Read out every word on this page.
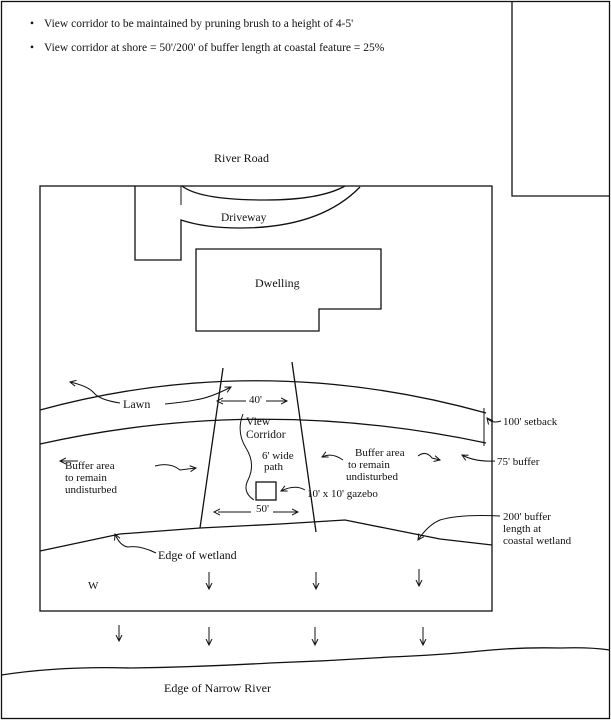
• View corridor to be maintained by pruning brush to a height of 4-5'
• View corridor at shore = 50'/200' of buffer length at coastal feature = 25%
River Road
Driveway
Dwelling
Lawn	40'
View
Corridor
6' wide
path
Buffer area
to remain
undisturbed
Buffer area
to remain
undisturbed
10' x 10' gazebo
50'
100' setback
75' buffer
200' buffer
length at
coastal wetland
Edge of wetland
W
Edge of Narrow River
